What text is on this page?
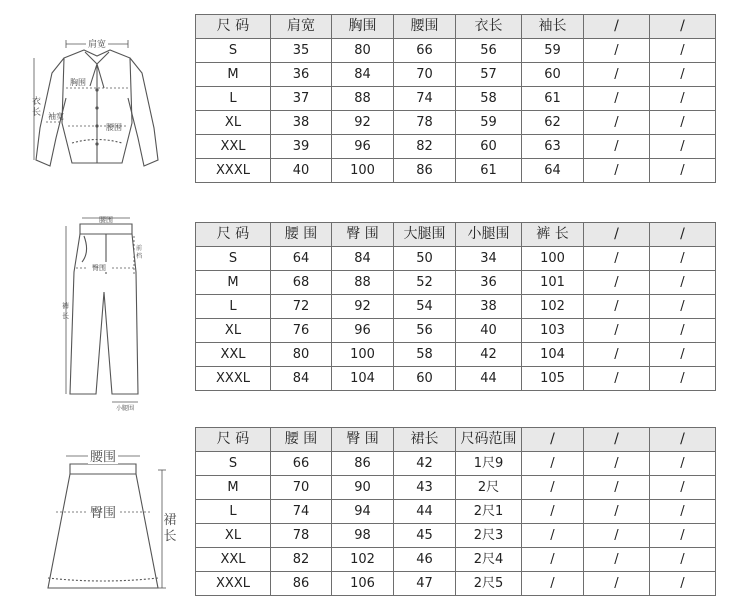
肩宽
衣
长
胸围
腰围
袖宽
腰围
臀围
裤
长
前
档
小腿围
腰围
臀围	裙
长
尺 码	肩宽	胸围	腰围	衣长	袖长	/	/
S	35	80	66	56	59	/	/
M	36	84	70	57	60	/	/
L	37	88	74	58	61	/	/
XL	38	92	78	59	62	/	/
XXL	39	96	82	60	63	/	/
XXXL	40	100	86	61	64	/	/
尺 码	腰 围	臀 围	大腿围	小腿围	裤 长	/	/
S	64	84	50	34	100	/	/
M	68	88	52	36	101	/	/
L	72	92	54	38	102	/	/
XL	76	96	56	40	103	/	/
XXL	80	100	58	42	104	/	/
XXXL	84	104	60	44	105	/	/
尺 码	腰 围	臀 围	裙长	尺码范围	/	/	/
S	66	86	42	1尺9	/	/	/
M	70	90	43	2尺	/	/	/
L	74	94	44	2尺1	/	/	/
XL	78	98	45	2尺3	/	/	/
XXL	82	102	46	2尺4	/	/	/
XXXL	86	106	47	2尺5	/	/	/
